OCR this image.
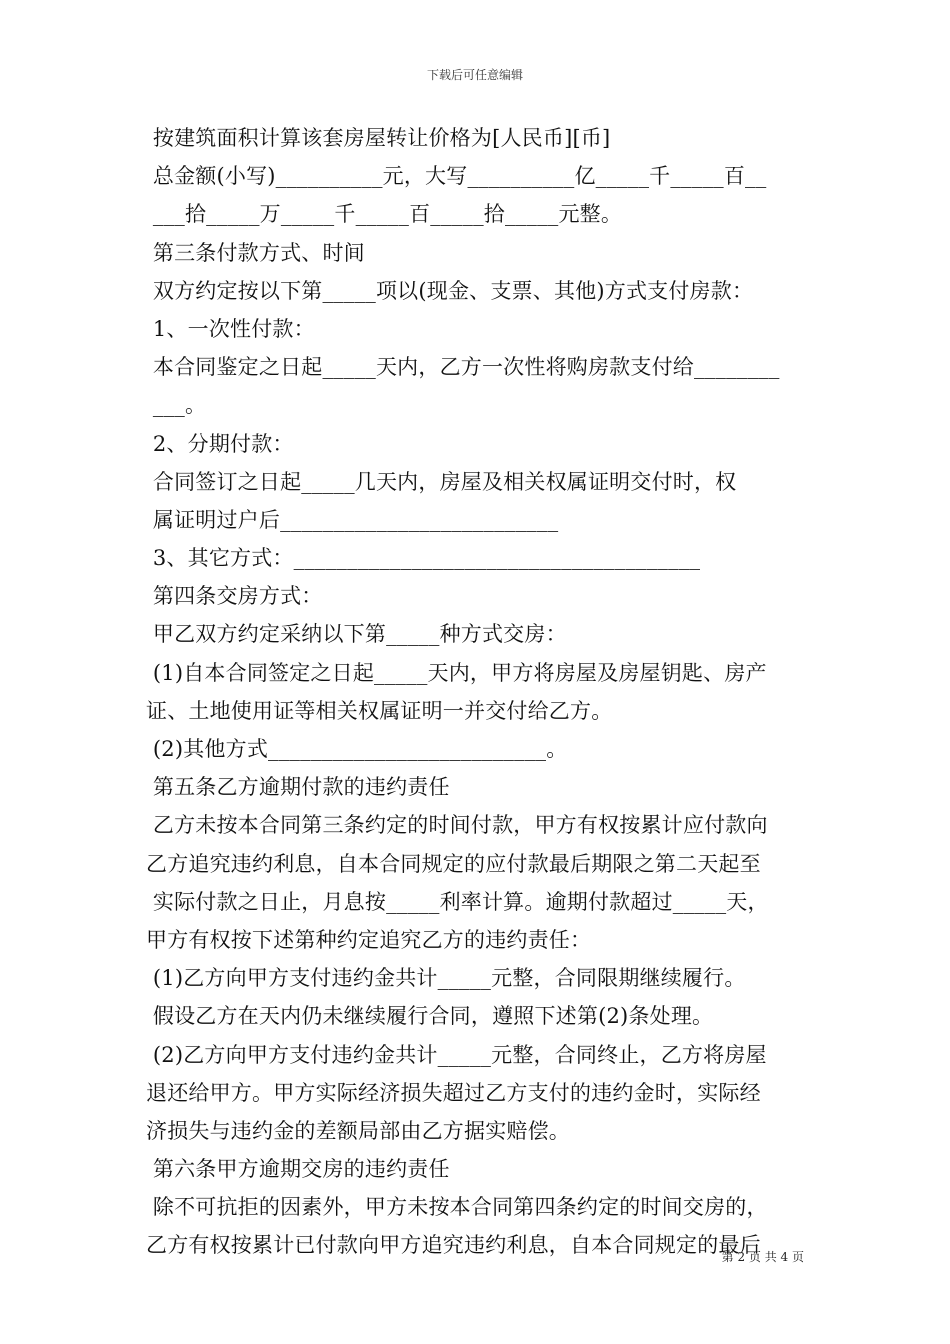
下载后可任意编辑
按建筑面积计算该套房屋转让价格为[人民币][币]
总金额(小写)__________元，大写__________亿_____千_____百__
___拾_____万_____千_____百_____拾_____元整。
第三条付款方式、时间
双方约定按以下第_____项以(现金、支票、其他)方式支付房款：
1、一次性付款：
本合同鉴定之日起_____天内，乙方一次性将购房款支付给________
___。
2、分期付款：
合同签订之日起_____几天内，房屋及相关权属证明交付时，权
属证明过户后__________________________
3、其它方式：______________________________________
第四条交房方式：
甲乙双方约定采纳以下第_____种方式交房：
(1)自本合同签定之日起_____天内，甲方将房屋及房屋钥匙、房产
证、土地使用证等相关权属证明一并交付给乙方。
(2)其他方式__________________________。
第五条乙方逾期付款的违约责任
乙方未按本合同第三条约定的时间付款，甲方有权按累计应付款向
乙方追究违约利息，自本合同规定的应付款最后期限之第二天起至
实际付款之日止，月息按_____利率计算。逾期付款超过_____天，
甲方有权按下述第种约定追究乙方的违约责任：
(1)乙方向甲方支付违约金共计_____元整，合同限期继续履行。
假设乙方在天内仍未继续履行合同，遵照下述第(2)条处理。
(2)乙方向甲方支付违约金共计_____元整，合同终止，乙方将房屋
退还给甲方。甲方实际经济损失超过乙方支付的违约金时，实际经
济损失与违约金的差额局部由乙方据实赔偿。
第六条甲方逾期交房的违约责任
除不可抗拒的因素外，甲方未按本合同第四条约定的时间交房的，
乙方有权按累计已付款向甲方追究违约利息，自本合同规定的最后
第 2 页 共 4 页
